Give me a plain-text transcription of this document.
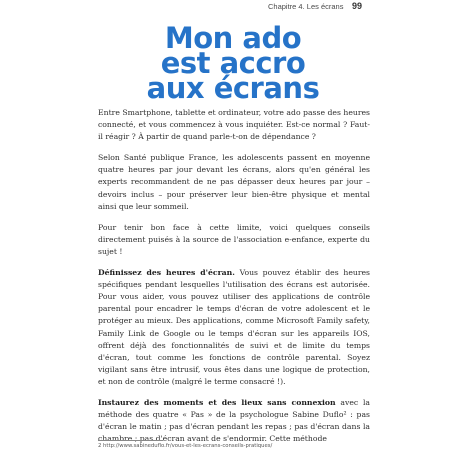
Chapitre 4. Les écrans 99
Mon ado
est accro
aux écrans

Entre Smartphone, tablette et ordinateur, votre ado passe des heures connecté, et vous commencez à vous inquiéter. Est-ce normal ? Faut-il réagir ? À partir de quand parle-t-on de dépendance ?

Selon Santé publique France, les adolescents passent en moyenne quatre heures par jour devant les écrans, alors qu'en général les experts recommandent de ne pas dépasser deux heures par jour – devoirs inclus – pour préserver leur bien-être physique et mental ainsi que leur sommeil.

Pour tenir bon face à cette limite, voici quelques conseils directement puisés à la source de l'association e-enfance, experte du sujet !

Définissez des heures d'écran. Vous pouvez établir des heures spécifiques pendant lesquelles l'utilisation des écrans est autorisée. Pour vous aider, vous pouvez utiliser des applications de contrôle parental pour encadrer le temps d'écran de votre adolescent et le protéger au mieux. Des applications, comme Microsoft Family safety, Family Link de Google ou le temps d'écran sur les appareils IOS, offrent déjà des fonctionnalités de suivi et de limite du temps d'écran, tout comme les fonctions de contrôle parental. Soyez vigilant sans être intrusif, vous êtes dans une logique de protection, et non de contrôle (malgré le terme consacré !).

Instaurez des moments et des lieux sans connexion avec la méthode des quatre « Pas » de la psychologue Sabine Duflo² : pas d'écran le matin ; pas d'écran pendant les repas ; pas d'écran dans la chambre ; pas d'écran avant de s'endormir. Cette méthode

2 http://www.sabineduflo.fr/vous-et-les-ecrans-conseils-pratiques/
